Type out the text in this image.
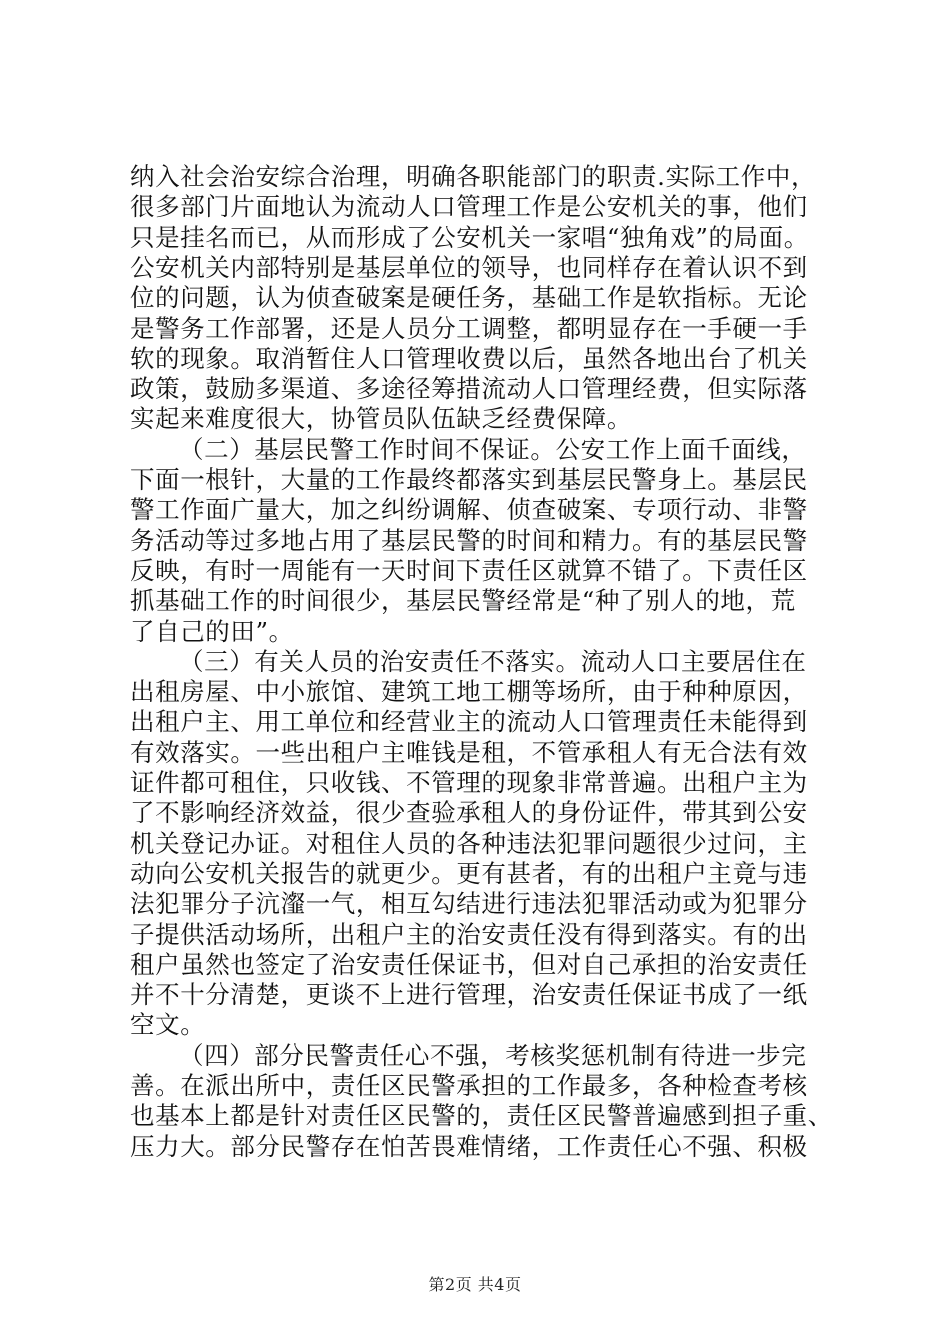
纳入社会治安综合治理，明确各职能部门的职责.实际工作中，
很多部门片面地认为流动人口管理工作是公安机关的事，他们
只是挂名而已，从而形成了公安机关一家唱“独角戏”的局面。
公安机关内部特别是基层单位的领导，也同样存在着认识不到
位的问题，认为侦查破案是硬任务，基础工作是软指标。无论
是警务工作部署，还是人员分工调整，都明显存在一手硬一手
软的现象。取消暂住人口管理收费以后，虽然各地出台了机关
政策，鼓励多渠道、多途径筹措流动人口管理经费，但实际落
实起来难度很大，协管员队伍缺乏经费保障。
（二）基层民警工作时间不保证。公安工作上面千面线，
下面一根针，大量的工作最终都落实到基层民警身上。基层民
警工作面广量大，加之纠纷调解、侦查破案、专项行动、非警
务活动等过多地占用了基层民警的时间和精力。有的基层民警
反映，有时一周能有一天时间下责任区就算不错了。下责任区
抓基础工作的时间很少，基层民警经常是“种了别人的地，荒
了自己的田”。
（三）有关人员的治安责任不落实。流动人口主要居住在
出租房屋、中小旅馆、建筑工地工棚等场所，由于种种原因，
出租户主、用工单位和经营业主的流动人口管理责任未能得到
有效落实。一些出租户主唯钱是租，不管承租人有无合法有效
证件都可租住，只收钱、不管理的现象非常普遍。出租户主为
了不影响经济效益，很少查验承租人的身份证件，带其到公安
机关登记办证。对租住人员的各种违法犯罪问题很少过问，主
动向公安机关报告的就更少。更有甚者，有的出租户主竟与违
法犯罪分子沆瀣一气，相互勾结进行违法犯罪活动或为犯罪分
子提供活动场所，出租户主的治安责任没有得到落实。有的出
租户虽然也签定了治安责任保证书，但对自己承担的治安责任
并不十分清楚，更谈不上进行管理，治安责任保证书成了一纸
空文。
（四）部分民警责任心不强，考核奖惩机制有待进一步完
善。在派出所中，责任区民警承担的工作最多，各种检查考核
也基本上都是针对责任区民警的，责任区民警普遍感到担子重、
压力大。部分民警存在怕苦畏难情绪，工作责任心不强、积极
第2页 共4页
